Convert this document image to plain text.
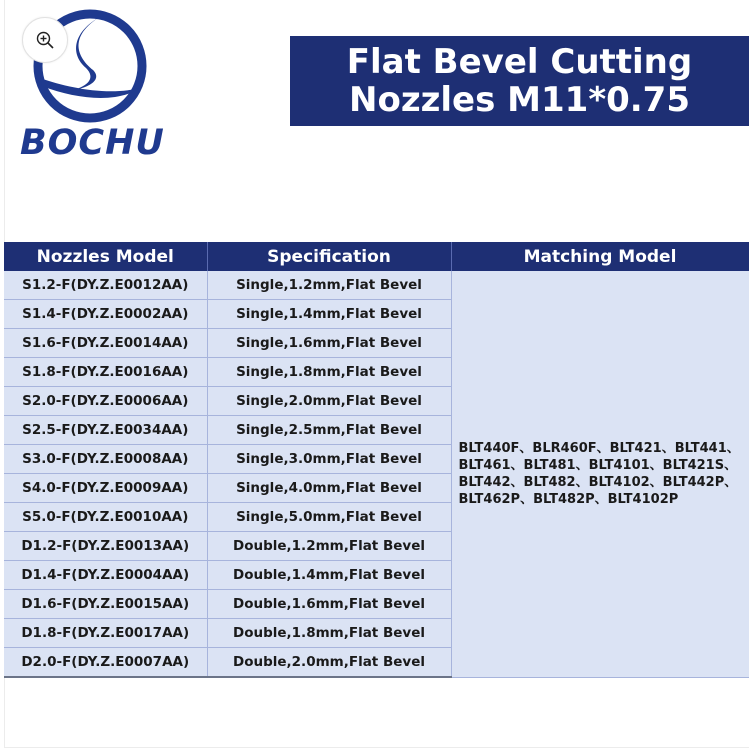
BOCHU
Flat Bevel Cutting
Nozzles M11*0.75
Nozzles Model	Specification	Matching Model
S1.2-F(DY.Z.E0012AA)	Single,1.2mm,Flat Bevel	BLT440F、BLR460F、BLT421、BLT441、
BLT461、BLT481、BLT4101、BLT421S、
BLT442、BLT482、BLT4102、BLT442P、
BLT462P、BLT482P、BLT4102P

S1.4-F(DY.Z.E0002AA)	Single,1.4mm,Flat Bevel	
S1.6-F(DY.Z.E0014AA)	Single,1.6mm,Flat Bevel	
S1.8-F(DY.Z.E0016AA)	Single,1.8mm,Flat Bevel	
S2.0-F(DY.Z.E0006AA)	Single,2.0mm,Flat Bevel	
S2.5-F(DY.Z.E0034AA)	Single,2.5mm,Flat Bevel	
S3.0-F(DY.Z.E0008AA)	Single,3.0mm,Flat Bevel	
S4.0-F(DY.Z.E0009AA)	Single,4.0mm,Flat Bevel	
S5.0-F(DY.Z.E0010AA)	Single,5.0mm,Flat Bevel	
D1.2-F(DY.Z.E0013AA)	Double,1.2mm,Flat Bevel	
D1.4-F(DY.Z.E0004AA)	Double,1.4mm,Flat Bevel	
D1.6-F(DY.Z.E0015AA)	Double,1.6mm,Flat Bevel	
D1.8-F(DY.Z.E0017AA)	Double,1.8mm,Flat Bevel	
D2.0-F(DY.Z.E0007AA)	Double,2.0mm,Flat Bevel	
